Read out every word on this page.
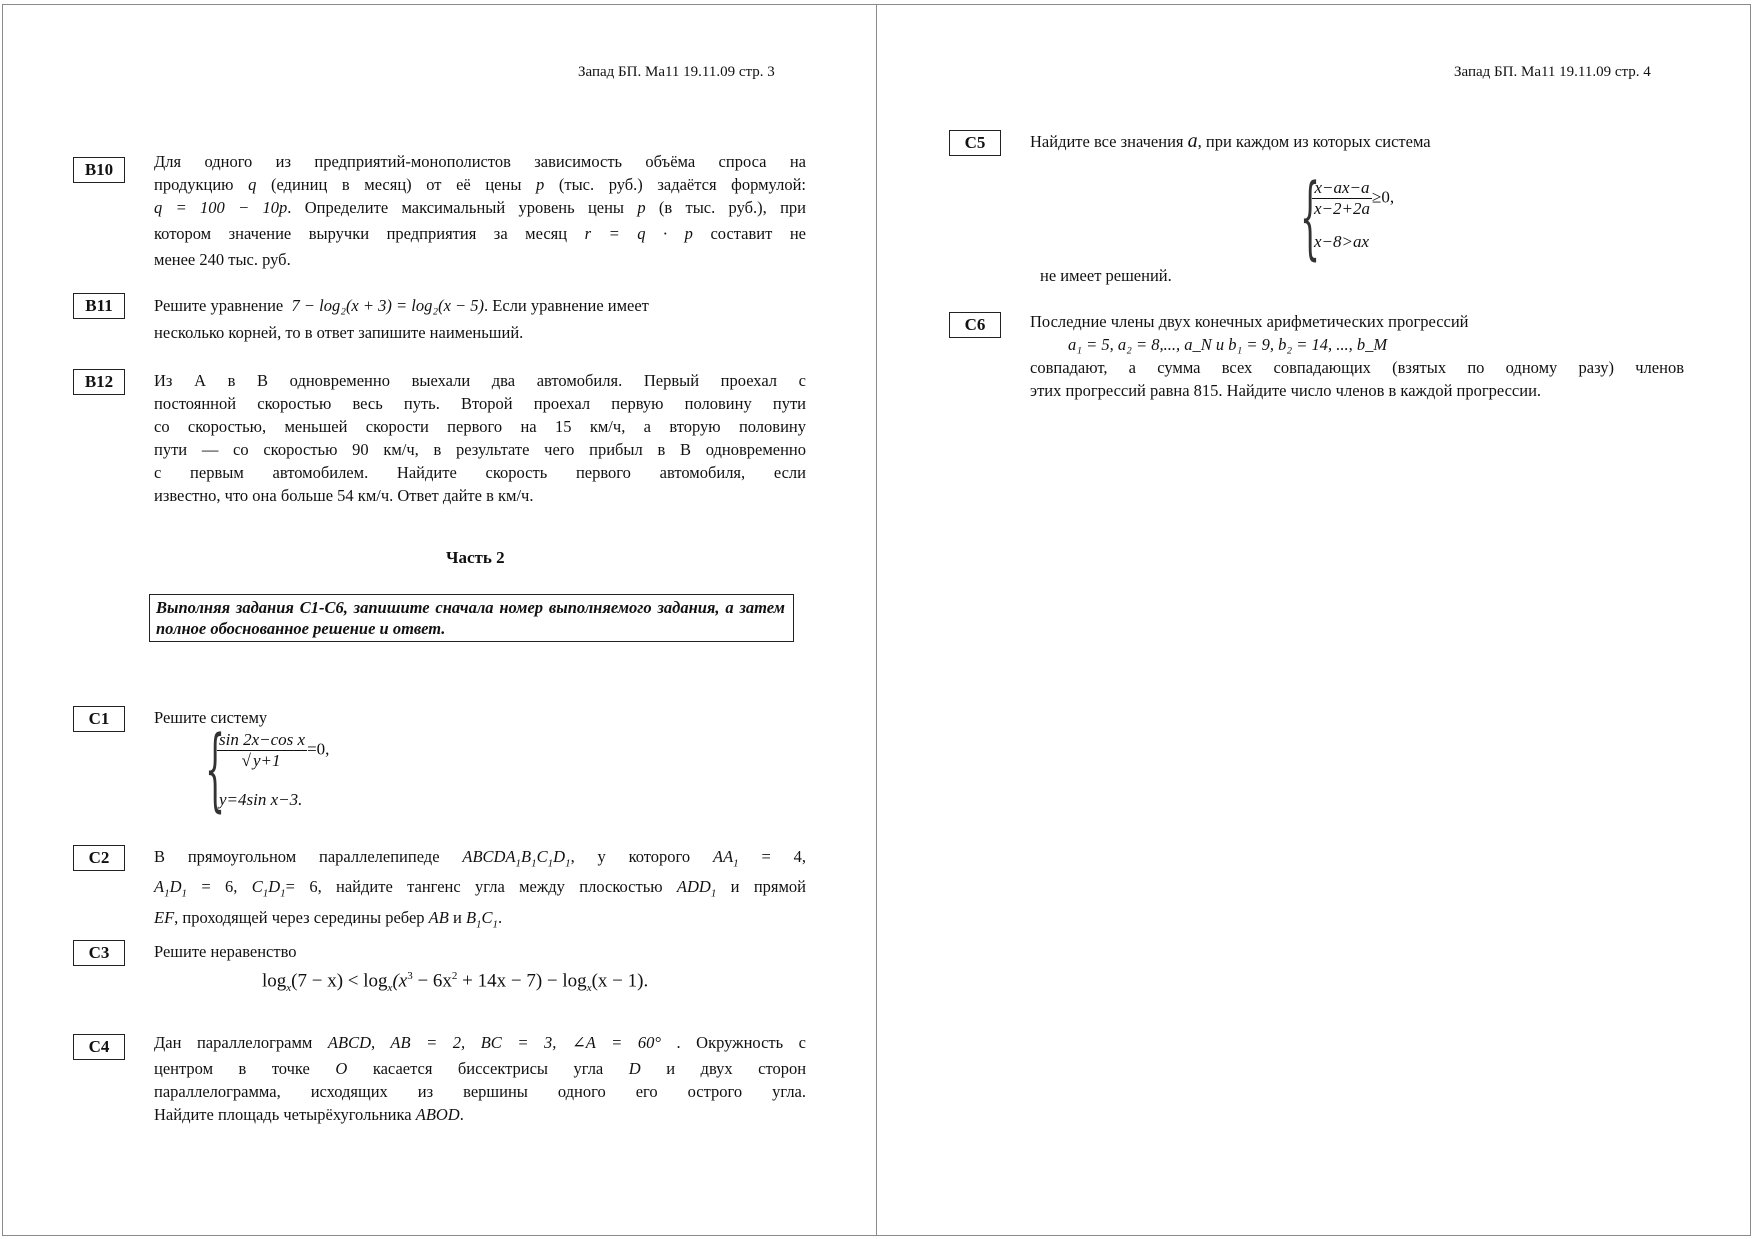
Запад БП. Ма11 19.11.09 стр. 3	Запад БП. Ма11 19.11.09 стр. 4
B10	Для одного из предприятий-монополистов зависимость объёма спроса на

продукцию q (единиц в месяц) от её цены p (тыс. руб.) задаётся формулой:

q = 100 − 10p. Определите максимальный уровень цены p (в тыс. руб.), при

котором значение выручки предприятия за месяц r = q · p составит не

менее 240 тыс. руб.

B11	Решите уравнение 7 − log₂(x + 3) = log₂(x − 5). Если уравнение имеет

несколько корней, то в ответ запишите наименьший.

B12	Из А в В одновременно выехали два автомобиля. Первый проехал с

постоянной скоростью весь путь. Второй проехал первую половину пути

со скоростью, меньшей скорости первого на 15 км/ч, а вторую половину

пути — со скоростью 90 км/ч, в результате чего прибыл в В одновременно

с первым автомобилем. Найдите скорость первого автомобиля, если

известно, что она больше 54 км/ч. Ответ дайте в км/ч.

Часть 2
Выполняя задания С1-С6, запишите сначала номер выполняемого задания, а затем полное обоснованное решение и ответ.
C1	Решите систему
{
$\frac{\text{sin 2x−cos x}}{√ y+1} =0$,
y=4sin x−3.
C2	В прямоугольном параллелепипеде $ABCDA_1B_1C_1D_1$, у которого $AA_1 = 4$,

$A_1D_1 = 6$, $C_1D_1= 6$, найдите тангенс угла между плоскостью $ADD_1$ и прямой

EF, проходящей через середины ребер AB и $B_1C_1$.

C3	Решите неравенство
$\log_x(7 - x) < \log_x(x^3 - 6x^2 + 14x - 7) - \log_x(x - 1)$.
C4	Дан параллелограмм ABCD, AB = 2, BC = 3, ∠A = 60° . Окружность с

центром в точке O касается биссектрисы угла D и двух сторон

параллелограмма, исходящих из вершины одного его острого угла.

Найдите площадь четырёхугольника ABOD.

C5	Найдите все значения a, при каждом из которых система
{
$\frac{x-ax-a}{x-2+2a} \ge 0$,
x−8>ax
не имеет решений.
C6	Последние члены двух конечных арифметических прогрессий

a₁ = 5, a₂ = 8,..., a_N и b₁ = 9, b₂ = 14, ..., b_M

совпадают, а сумма всех совпадающих (взятых по одному разу) членов

этих прогрессий равна 815. Найдите число членов в каждой прогрессии.
